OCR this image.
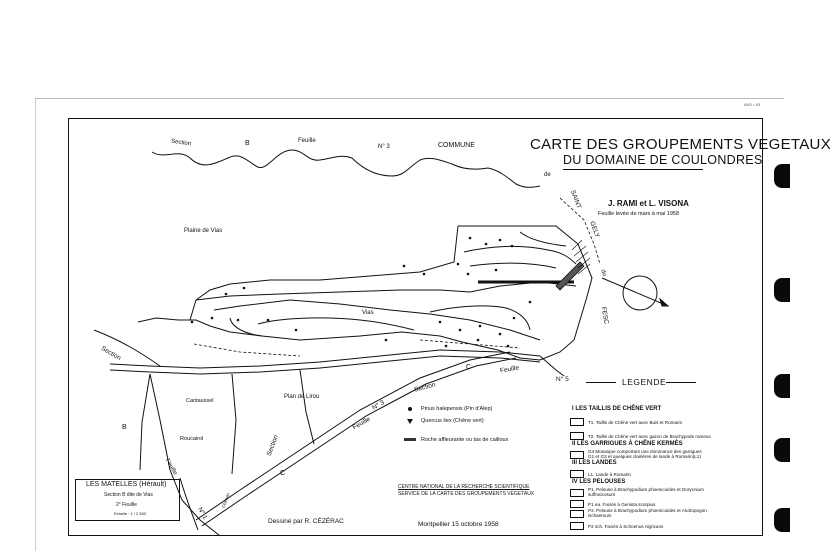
AVO • 83
CARTE DES GROUPEMENTS VEGETAUX
DU DOMAINE DE COULONDRES
J. RAMI et L. VISONA
Feuille levée de mars à mai 1958
Section	B	Feuille
N° 3	COMMUNE
de
SAINT
GELY
du
FESC
Plaine de Vias
Vias
Section
B
Section
C	Feuille
N° 5
Feuille
N° 3
Cantaussel
Plan de Lirou
Roucairol	Section
C
Feuille
N° 1
Chemin
Pinus halepensis (Pin d'Alep)
Quercus ilex (Chêne vert)
Roche affleurante ou tas de cailloux
LEGENDE
I LES TAILLIS DE CHÊNE VERT
T1. Taillis de Chêne vert avec Buis et Romarin
T2. Taillis de Chêne vert avec gazon de Brachypode rameux
II LES GARRIGUES À CHÊNE KERMÈS
G4 Mosaïque comportant une dominance des garrigues G1 et G3 et quelques clairières de lande à Romarin(L1)
III LES LANDES
L1. Lande à Romarin
IV LES PELOUSES
P1. Pelouse à Brachypodium phoenicoides et Dorycnium suffruticosum
P1 ea. Faciès à Genista scorpius
P2. Pelouse à Brachypodium phoenicoides et Andropogon ischaemum
P2 sch. Faciès à Schoenus nigricans
LES MATELLES (Hérault)
Section B dite de Vias
2° Feuille
Echelle : 1 / 2 500
CENTRE NATIONAL DE LA RECHERCHE SCIENTIFIQUE
SERVICE DE LA CARTE DES GROUPEMENTS VEGETAUX
Dessiné par R. CÉZÉRAC	Montpellier 15 octobre 1958
